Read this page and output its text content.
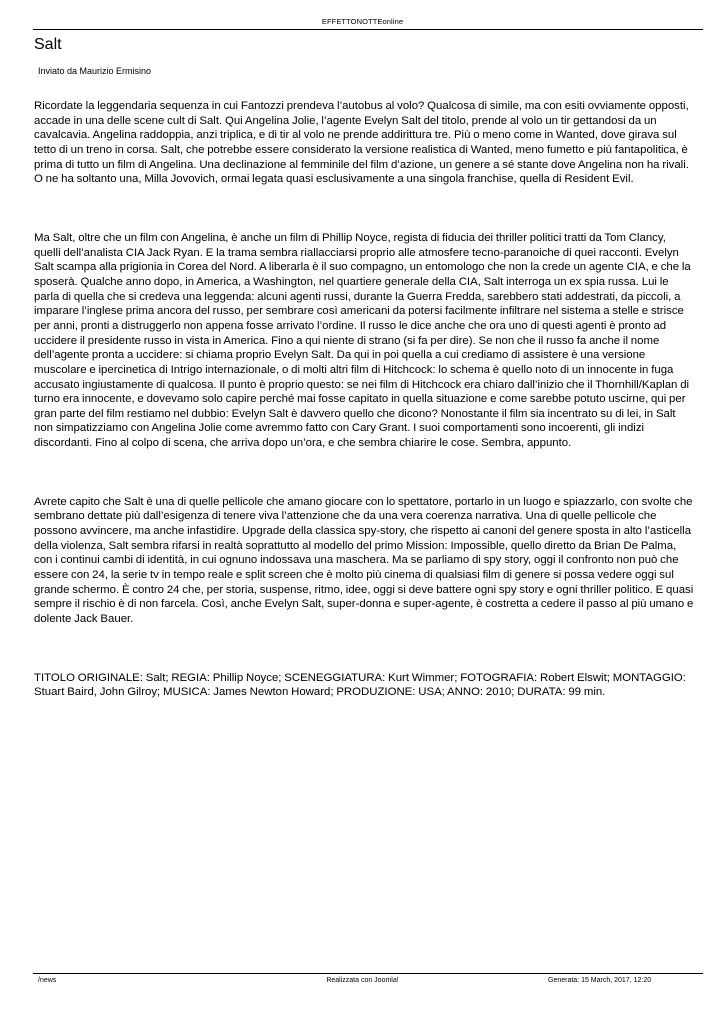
EFFETTONOTTEonline
Salt
Inviato da Maurizio Ermisino

Ricordate la leggendaria sequenza in cui Fantozzi prendeva l’autobus al volo? Qualcosa di simile, ma con esiti ovviamente opposti, accade in una delle scene cult di Salt. Qui Angelina Jolie, l’agente Evelyn Salt del titolo, prende al volo un tir gettandosi da un cavalcavia. Angelina raddoppia, anzi triplica, e di tir al volo ne prende addirittura tre. Più o meno come in Wanted, dove girava sul tetto di un treno in corsa. Salt, che potrebbe essere considerato la versione realistica di Wanted, meno fumetto e più fantapolitica, è prima di tutto un film di Angelina. Una declinazione al femminile del film d’azione, un genere a sé stante dove Angelina non ha rivali. O ne ha soltanto una, Milla Jovovich, ormai legata quasi esclusivamente a una singola franchise, quella di Resident Evil.

Ma Salt, oltre che un film con Angelina, è anche un film di Phillip Noyce, regista di fiducia dei thriller politici tratti da Tom Clancy, quelli dell’analista CIA Jack Ryan. E la trama sembra riallacciarsi proprio alle atmosfere tecno-paranoiche di quei racconti. Evelyn Salt scampa alla prigionia in Corea del Nord. A liberarla è il suo compagno, un entomologo che non la crede un agente CIA, e che la sposerà. Qualche anno dopo, in America, a Washington, nel quartiere generale della CIA, Salt interroga un ex spia russa. Lui le parla di quella che si credeva una leggenda: alcuni agenti russi, durante la Guerra Fredda, sarebbero stati addestrati, da piccoli, a imparare l’inglese prima ancora del russo, per sembrare così americani da potersi facilmente infiltrare nel sistema a stelle e strisce per anni, pronti a distruggerlo non appena fosse arrivato l’ordine. Il russo le dice anche che ora uno di questi agenti è pronto ad uccidere il presidente russo in vista in America. Fino a qui niente di strano (si fa per dire). Se non che il russo fa anche il nome dell’agente pronta a uccidere: si chiama proprio Evelyn Salt. Da qui in poi quella a cui crediamo di assistere è una versione muscolare e ipercinetica di Intrigo internazionale, o di molti altri film di Hitchcock: lo schema è quello noto di un innocente in fuga accusato ingiustamente di qualcosa. Il punto è proprio questo: se nei film di Hitchcock era chiaro dall’inizio che il Thornhill/Kaplan di turno era innocente, e dovevamo solo capire perché mai fosse capitato in quella situazione e come sarebbe potuto uscirne, qui per gran parte del film restiamo nel dubbio: Evelyn Salt è davvero quello che dicono? Nonostante il film sia incentrato su di lei, in Salt non simpatizziamo con Angelina Jolie come avremmo fatto con Cary Grant. I suoi comportamenti sono incoerenti, gli indizi discordanti. Fino al colpo di scena, che arriva dopo un’ora, e che sembra chiarire le cose. Sembra, appunto.

Avrete capito che Salt è una di quelle pellicole che amano giocare con lo spettatore, portarlo in un luogo e spiazzarlo, con svolte che sembrano dettate più dall’esigenza di tenere viva l’attenzione che da una vera coerenza narrativa. Una di quelle pellicole che possono avvincere, ma anche infastidire. Upgrade della classica spy-story, che rispetto ai canoni del genere sposta in alto l’asticella della violenza, Salt sembra rifarsi in realtà soprattutto al modello del primo Mission: Impossible, quello diretto da Brian De Palma, con i continui cambi di identità, in cui ognuno indossava una maschera. Ma se parliamo di spy story, oggi il confronto non può che essere con 24, la serie tv in tempo reale e split screen che è molto più cinema di qualsiasi film di genere si possa vedere oggi sul grande schermo. È contro 24 che, per storia, suspense, ritmo, idee, oggi si deve battere ogni spy story e ogni thriller politico. E quasi sempre il rischio è di non farcela. Così, anche Evelyn Salt, super-donna e super-agente, è costretta a cedere il passo al più umano e dolente Jack Bauer.

TITOLO ORIGINALE: Salt; REGIA: Phillip Noyce; SCENEGGIATURA: Kurt Wimmer; FOTOGRAFIA: Robert Elswit; MONTAGGIO: Stuart Baird, John Gilroy; MUSICA: James Newton Howard; PRODUZIONE: USA; ANNO: 2010; DURATA: 99 min.

/news	Realizzata con Joomla!	Generata: 15 March, 2017, 12:20
